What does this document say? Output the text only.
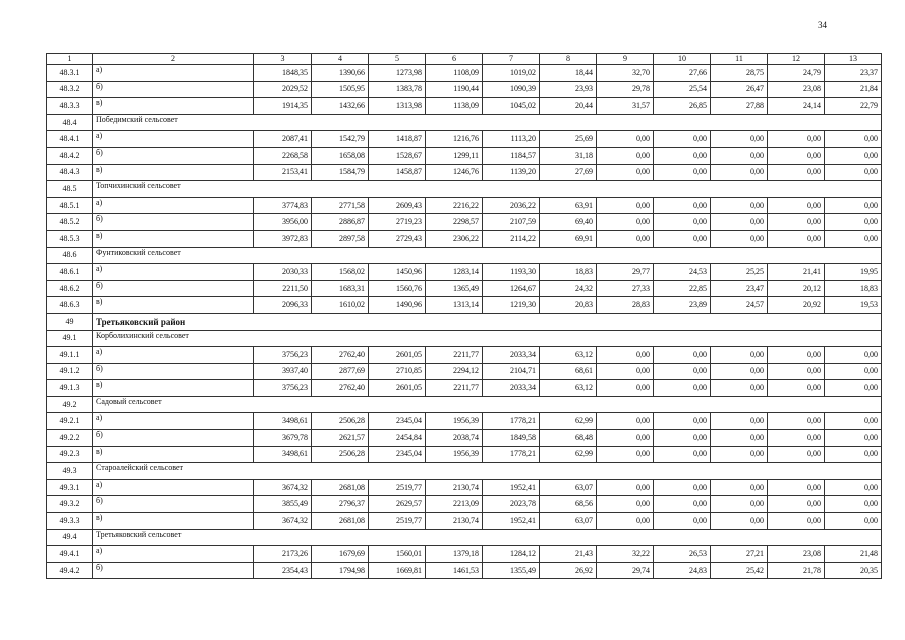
34
1	2	3	4	5	6	7	8	9	10	11	12	13
48.3.1	а)	1848,35	1390,66	1273,98	1108,09	1019,02	18,44	32,70	27,66	28,75	24,79	23,37
48.3.2	б)	2029,52	1505,95	1383,78	1190,44	1090,39	23,93	29,78	25,54	26,47	23,08	21,84
48.3.3	в)	1914,35	1432,66	1313,98	1138,09	1045,02	20,44	31,57	26,85	27,88	24,14	22,79
48.4	Победимский сельсовет											
48.4.1	а)	2087,41	1542,79	1418,87	1216,76	1113,20	25,69	0,00	0,00	0,00	0,00	0,00
48.4.2	б)	2268,58	1658,08	1528,67	1299,11	1184,57	31,18	0,00	0,00	0,00	0,00	0,00
48.4.3	в)	2153,41	1584,79	1458,87	1246,76	1139,20	27,69	0,00	0,00	0,00	0,00	0,00
48.5	Топчихинский сельсовет											
48.5.1	а)	3774,83	2771,58	2609,43	2216,22	2036,22	63,91	0,00	0,00	0,00	0,00	0,00
48.5.2	б)	3956,00	2886,87	2719,23	2298,57	2107,59	69,40	0,00	0,00	0,00	0,00	0,00
48.5.3	в)	3972,83	2897,58	2729,43	2306,22	2114,22	69,91	0,00	0,00	0,00	0,00	0,00
48.6	Фунтиковский сельсовет											
48.6.1	а)	2030,33	1568,02	1450,96	1283,14	1193,30	18,83	29,77	24,53	25,25	21,41	19,95
48.6.2	б)	2211,50	1683,31	1560,76	1365,49	1264,67	24,32	27,33	22,85	23,47	20,12	18,83
48.6.3	в)	2096,33	1610,02	1490,96	1313,14	1219,30	20,83	28,83	23,89	24,57	20,92	19,53
49	Третьяковский район											
49.1	Корболихинский сельсовет											
49.1.1	а)	3756,23	2762,40	2601,05	2211,77	2033,34	63,12	0,00	0,00	0,00	0,00	0,00
49.1.2	б)	3937,40	2877,69	2710,85	2294,12	2104,71	68,61	0,00	0,00	0,00	0,00	0,00
49.1.3	в)	3756,23	2762,40	2601,05	2211,77	2033,34	63,12	0,00	0,00	0,00	0,00	0,00
49.2	Садовый сельсовет											
49.2.1	а)	3498,61	2506,28	2345,04	1956,39	1778,21	62,99	0,00	0,00	0,00	0,00	0,00
49.2.2	б)	3679,78	2621,57	2454,84	2038,74	1849,58	68,48	0,00	0,00	0,00	0,00	0,00
49.2.3	в)	3498,61	2506,28	2345,04	1956,39	1778,21	62,99	0,00	0,00	0,00	0,00	0,00
49.3	Староалейский сельсовет											
49.3.1	а)	3674,32	2681,08	2519,77	2130,74	1952,41	63,07	0,00	0,00	0,00	0,00	0,00
49.3.2	б)	3855,49	2796,37	2629,57	2213,09	2023,78	68,56	0,00	0,00	0,00	0,00	0,00
49.3.3	в)	3674,32	2681,08	2519,77	2130,74	1952,41	63,07	0,00	0,00	0,00	0,00	0,00
49.4	Третьяковский сельсовет											
49.4.1	а)	2173,26	1679,69	1560,01	1379,18	1284,12	21,43	32,22	26,53	27,21	23,08	21,48
49.4.2	б)	2354,43	1794,98	1669,81	1461,53	1355,49	26,92	29,74	24,83	25,42	21,78	20,35
